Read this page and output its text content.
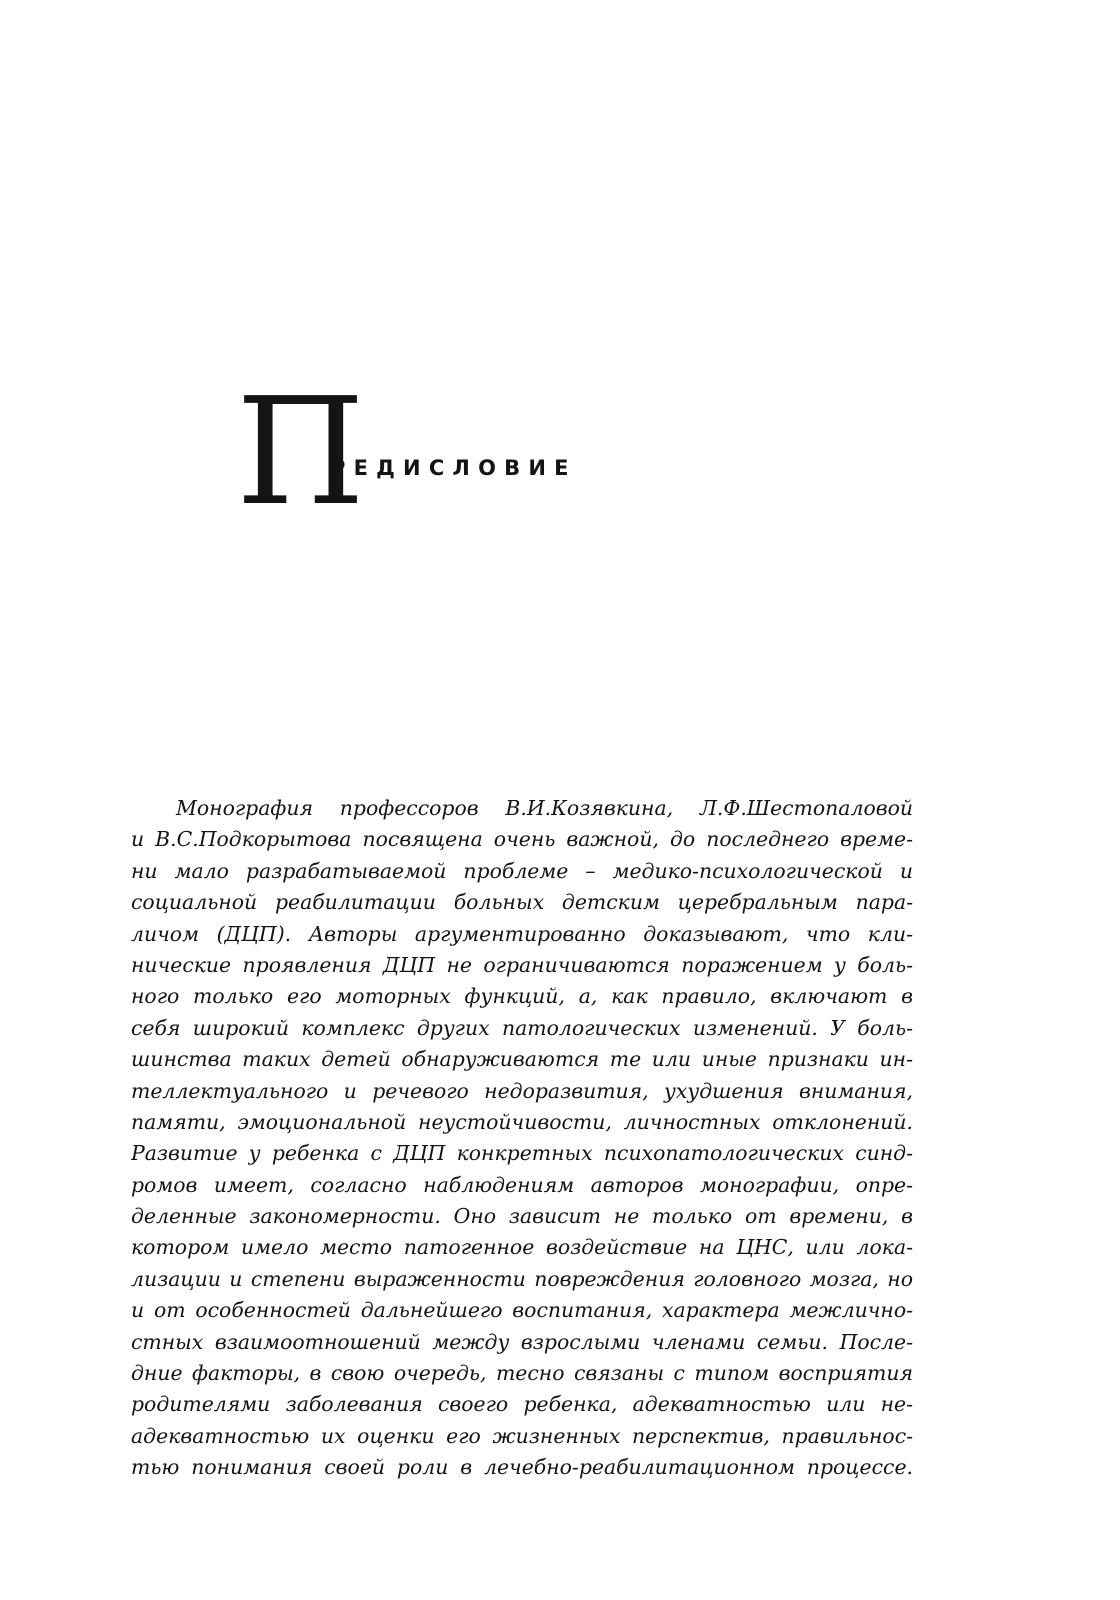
П
РЕДИСЛОВИЕ
Монография профессоров В.И.Козявкина, Л.Ф.Шестопаловой
и В.С.Подкорытова посвящена очень важной, до последнего време-
ни мало разрабатываемой проблеме – медико-психологической и
социальной реабилитации больных детским церебральным пара-
личом (ДЦП). Авторы аргументированно доказывают, что кли-
нические проявления ДЦП не ограничиваются поражением у боль-
ного только его моторных функций, а, как правило, включают в
себя широкий комплекс других патологических изменений. У боль-
шинства таких детей обнаруживаются те или иные признаки ин-
теллектуального и речевого недоразвития, ухудшения внимания,
памяти, эмоциональной неустойчивости, личностных отклонений.
Развитие у ребенка с ДЦП конкретных психопатологических синд-
ромов имеет, согласно наблюдениям авторов монографии, опре-
деленные закономерности. Оно зависит не только от времени, в
котором имело место патогенное воздействие на ЦНС, или лока-
лизации и степени выраженности повреждения головного мозга, но
и от особенностей дальнейшего воспитания, характера межлично-
стных взаимоотношений между взрослыми членами семьи. После-
дние факторы, в свою очередь, тесно связаны с типом восприятия
родителями заболевания своего ребенка, адекватностью или не-
адекватностью их оценки его жизненных перспектив, правильнос-
тью понимания своей роли в лечебно-реабилитационном процессе.
